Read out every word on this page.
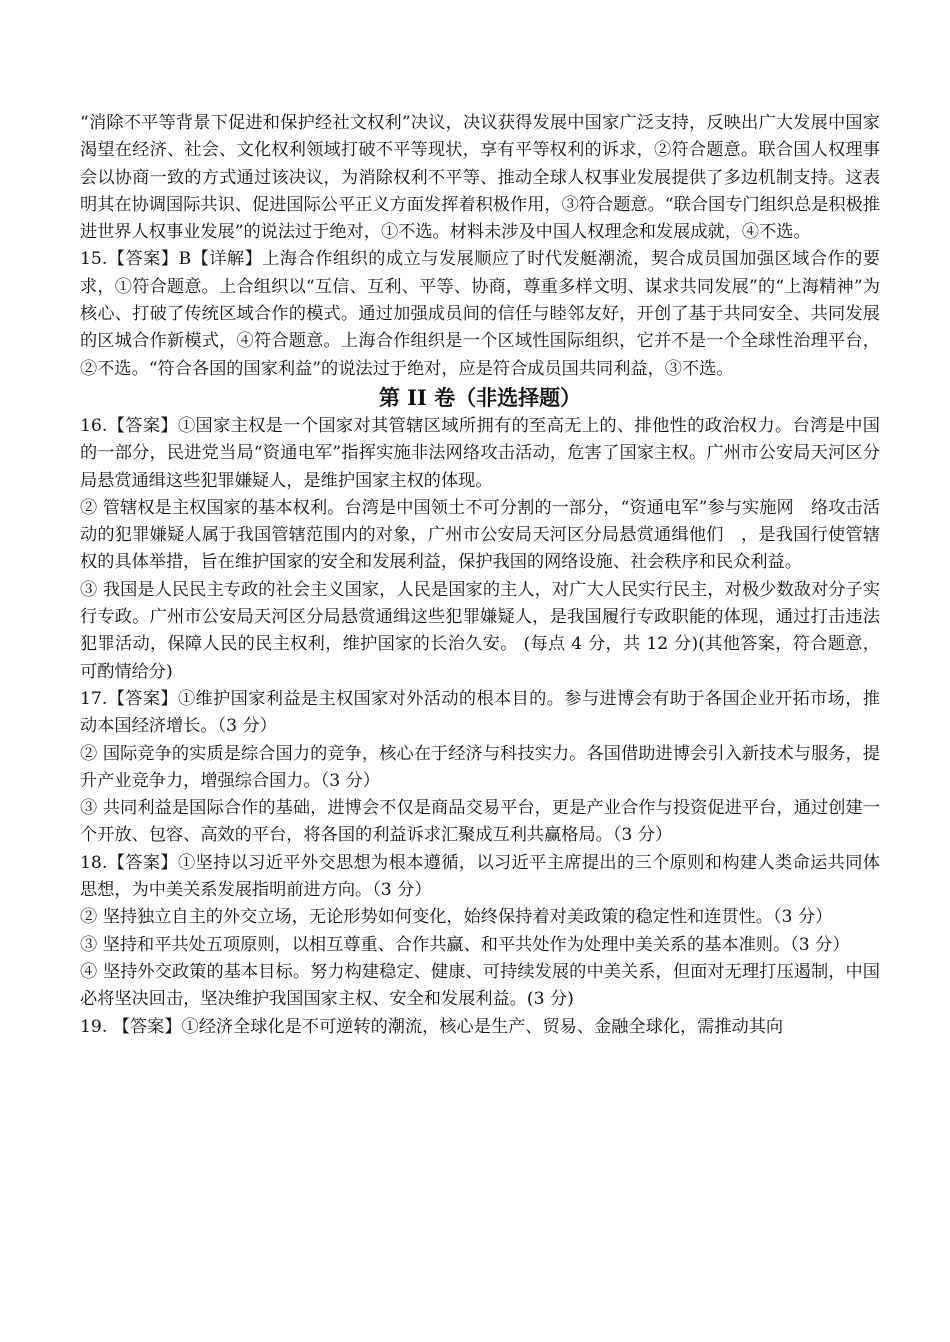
“消除不平等背景下促进和保护经社文权利”决议，决议获得发展中国家广泛支持，反映出广大发展中国家渴望在经济、社会、文化权利领域打破不平等现状，享有平等权利的诉求，②符合题意。联合国人权理事会以协商一致的方式通过该决议，为消除权利不平等、推动全球人权事业发展提供了多边机制支持。这表明其在协调国际共识、促进国际公平正义方面发挥着积极作用，③符合题意。“联合国专门组织总是积极推进世界人权事业发展”的说法过于绝对，①不选。材料未涉及中国人权理念和发展成就，④不选。

15.【答案】B【详解】上海合作组织的成立与发展顺应了时代发艇潮流，契合成员国加强区域合作的要求，①符合题意。上合组织以“互信、互利、平等、协商，尊重多样文明、谋求共同发展”的“上海精神”为核心、打破了传统区域合作的模式。通过加强成员间的信任与睦邻友好，开创了基于共同安全、共同发展的区城合作新模式，④符合题意。上海合作组织是一个区域性国际组织，它并不是一个全球性治理平台，②不选。“符合各国的国家利益”的说法过于绝对，应是符合成员国共同利益，③不选。

第 II 卷（非选择题）

16.【答案】①国家主权是一个国家对其管辖区域所拥有的至高无上的、排他性的政治权力。台湾是中国的一部分，民进党当局“资通电军”指挥实施非法网络攻击活动，危害了国家主权。广州市公安局天河区分局悬赏通缉这些犯罪嫌疑人，是维护国家主权的体现。

② 管辖权是主权国家的基本权利。台湾是中国领土不可分割的一部分，“资通电军”参与实施网　络攻击活动的犯罪嫌疑人属于我国管辖范围内的对象，广州市公安局天河区分局悬赏通缉他们　，是我国行使管辖权的具体举措，旨在维护国家的安全和发展利益，保护我国的网络设施、社会秩序和民众利益。

③ 我国是人民民主专政的社会主义国家，人民是国家的主人，对广大人民实行民主，对极少数敌对分子实行专政。广州市公安局天河区分局悬赏通缉这些犯罪嫌疑人，是我国履行专政职能的体现，通过打击违法犯罪活动，保障人民的民主权利，维护国家的长治久安。 (每点 4 分，共 12 分)(其他答案，符合题意，可酌情给分)

17.【答案】①维护国家利益是主权国家对外活动的根本目的。参与进博会有助于各国企业开拓市场，推动本国经济增长。（3 分）

② 国际竞争的实质是综合国力的竞争，核心在于经济与科技实力。各国借助进博会引入新技术与服务，提升产业竞争力，增强综合国力。（3 分）

③ 共同利益是国际合作的基础，进博会不仅是商品交易平台，更是产业合作与投资促进平台，通过创建一个开放、包容、高效的平台，将各国的利益诉求汇聚成互利共赢格局。（3 分）

18.【答案】①坚持以习近平外交思想为根本遵循，以习近平主席提出的三个原则和构建人类命运共同体思想，为中美关系发展指明前进方向。（3 分）

② 坚持独立自主的外交立场，无论形势如何变化，始终保持着对美政策的稳定性和连贯性。（3 分）

③ 坚持和平共处五项原则，以相互尊重、合作共赢、和平共处作为处理中美关系的基本准则。（3 分）

④ 坚持外交政策的基本目标。努力构建稳定、健康、可持续发展的中美关系，但面对无理打压遏制，中国必将坚决回击，坚决维护我国国家主权、安全和发展利益。(3 分)

19. 【答案】①经济全球化是不可逆转的潮流，核心是生产、贸易、金融全球化，需推动其向
